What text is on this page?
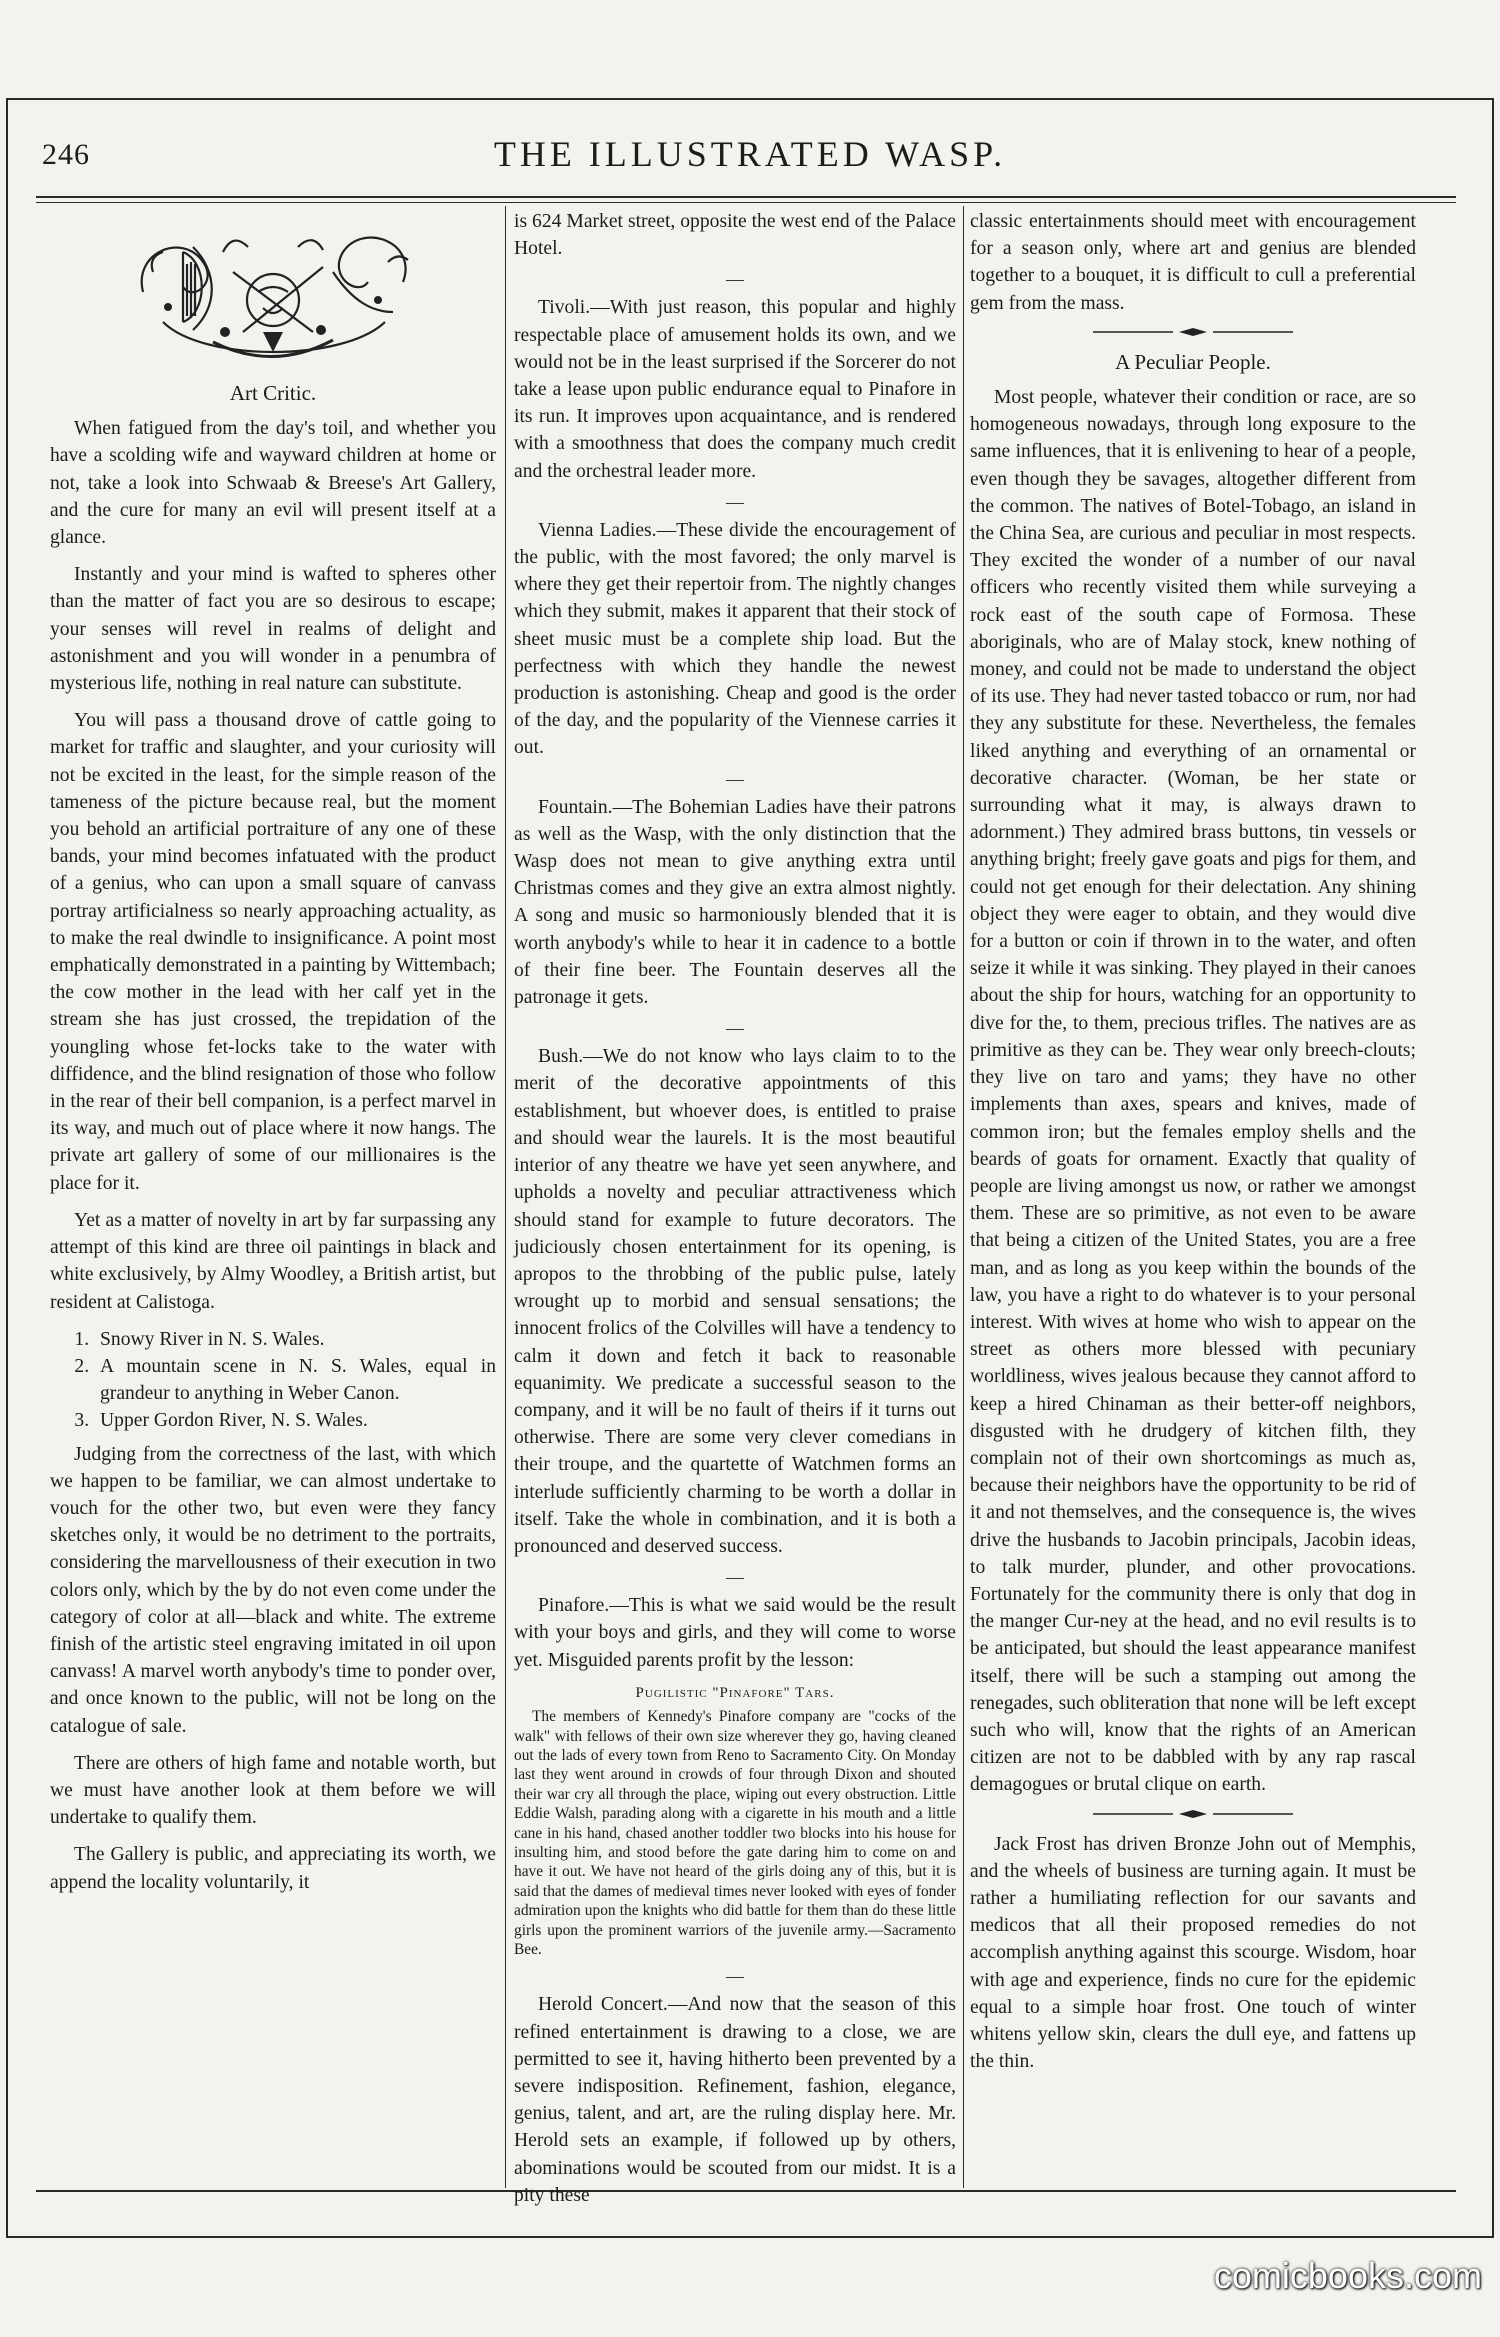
246	THE ILLUSTRATED WASP.
Art Critic.

When fatigued from the day's toil, and whether you have a scolding wife and wayward children at home or not, take a look into Schwaab & Breese's Art Gallery, and the cure for many an evil will present itself at a glance.

Instantly and your mind is wafted to spheres other than the matter of fact you are so desirous to escape; your senses will revel in realms of delight and astonishment and you will wonder in a penumbra of mysterious life, nothing in real nature can substitute.

You will pass a thousand drove of cattle going to market for traffic and slaughter, and your curiosity will not be excited in the least, for the simple reason of the tameness of the picture because real, but the moment you behold an artificial portraiture of any one of these bands, your mind becomes infatuated with the product of a genius, who can upon a small square of canvass portray artificialness so nearly approaching actuality, as to make the real dwindle to insignificance. A point most emphatically demonstrated in a painting by Wittembach; the cow mother in the lead with her calf yet in the stream she has just crossed, the trepidation of the youngling whose fet-locks take to the water with diffidence, and the blind resignation of those who follow in the rear of their bell companion, is a perfect marvel in its way, and much out of place where it now hangs. The private art gallery of some of our millionaires is the place for it.

Yet as a matter of novelty in art by far surpassing any attempt of this kind are three oil paintings in black and white exclusively, by Almy Woodley, a British artist, but resident at Calistoga.

1. Snowy River in N. S. Wales.
2. A mountain scene in N. S. Wales, equal in grandeur to anything in Weber Canon.
3. Upper Gordon River, N. S. Wales.

Judging from the correctness of the last, with which we happen to be familiar, we can almost undertake to vouch for the other two, but even were they fancy sketches only, it would be no detriment to the portraits, considering the marvellousness of their execution in two colors only, which by the by do not even come under the category of color at all—black and white. The extreme finish of the artistic steel engraving imitated in oil upon canvass! A marvel worth anybody's time to ponder over, and once known to the public, will not be long on the catalogue of sale.

There are others of high fame and notable worth, but we must have another look at them before we will undertake to qualify them.

The Gallery is public, and appreciating its worth, we append the locality voluntarily, it

is 624 Market street, opposite the west end of the Palace Hotel.

—

Tivoli.—With just reason, this popular and highly respectable place of amusement holds its own, and we would not be in the least surprised if the Sorcerer do not take a lease upon public endurance equal to Pinafore in its run. It improves upon acquaintance, and is rendered with a smoothness that does the company much credit and the orchestral leader more.

—

Vienna Ladies.—These divide the encouragement of the public, with the most favored; the only marvel is where they get their repertoir from. The nightly changes which they submit, makes it apparent that their stock of sheet music must be a complete ship load. But the perfectness with which they handle the newest production is astonishing. Cheap and good is the order of the day, and the popularity of the Viennese carries it out.

—

Fountain.—The Bohemian Ladies have their patrons as well as the Wasp, with the only distinction that the Wasp does not mean to give anything extra until Christmas comes and they give an extra almost nightly. A song and music so harmoniously blended that it is worth anybody's while to hear it in cadence to a bottle of their fine beer. The Fountain deserves all the patronage it gets.

—

Bush.—We do not know who lays claim to to the merit of the decorative appointments of this establishment, but whoever does, is entitled to praise and should wear the laurels. It is the most beautiful interior of any theatre we have yet seen anywhere, and upholds a novelty and peculiar attractiveness which should stand for example to future decorators. The judiciously chosen entertainment for its opening, is apropos to the throbbing of the public pulse, lately wrought up to morbid and sensual sensations; the innocent frolics of the Colvilles will have a tendency to calm it down and fetch it back to reasonable equanimity. We predicate a successful season to the company, and it will be no fault of theirs if it turns out otherwise. There are some very clever comedians in their troupe, and the quartette of Watchmen forms an interlude sufficiently charming to be worth a dollar in itself. Take the whole in combination, and it is both a pronounced and deserved success.

—

Pinafore.—This is what we said would be the result with your boys and girls, and they will come to worse yet. Misguided parents profit by the lesson:

Pugilistic "Pinafore" Tars.

The members of Kennedy's Pinafore company are "cocks of the walk" with fellows of their own size wherever they go, having cleaned out the lads of every town from Reno to Sacramento City. On Monday last they went around in crowds of four through Dixon and shouted their war cry all through the place, wiping out every obstruction. Little Eddie Walsh, parading along with a cigarette in his mouth and a little cane in his hand, chased another toddler two blocks into his house for insulting him, and stood before the gate daring him to come on and have it out. We have not heard of the girls doing any of this, but it is said that the dames of medieval times never looked with eyes of fonder admiration upon the knights who did battle for them than do these little girls upon the prominent warriors of the juvenile army.—Sacramento Bee.

—

Herold Concert.—And now that the season of this refined entertainment is drawing to a close, we are permitted to see it, having hitherto been prevented by a severe indisposition. Refinement, fashion, elegance, genius, talent, and art, are the ruling display here. Mr. Herold sets an example, if followed up by others, abominations would be scouted from our midst. It is a pity these

classic entertainments should meet with encouragement for a season only, where art and genius are blended together to a bouquet, it is difficult to cull a preferential gem from the mass.

A Peculiar People.

Most people, whatever their condition or race, are so homogeneous nowadays, through long exposure to the same influences, that it is enlivening to hear of a people, even though they be savages, altogether different from the common. The natives of Botel-Tobago, an island in the China Sea, are curious and peculiar in most respects. They excited the wonder of a number of our naval officers who recently visited them while surveying a rock east of the south cape of Formosa. These aboriginals, who are of Malay stock, knew nothing of money, and could not be made to understand the object of its use. They had never tasted tobacco or rum, nor had they any substitute for these. Nevertheless, the females liked anything and everything of an ornamental or decorative character. (Woman, be her state or surrounding what it may, is always drawn to adornment.) They admired brass buttons, tin vessels or anything bright; freely gave goats and pigs for them, and could not get enough for their delectation. Any shining object they were eager to obtain, and they would dive for a button or coin if thrown in to the water, and often seize it while it was sinking. They played in their canoes about the ship for hours, watching for an opportunity to dive for the, to them, precious trifles. The natives are as primitive as they can be. They wear only breech-clouts; they live on taro and yams; they have no other implements than axes, spears and knives, made of common iron; but the females employ shells and the beards of goats for ornament. Exactly that quality of people are living amongst us now, or rather we amongst them. These are so primitive, as not even to be aware that being a citizen of the United States, you are a free man, and as long as you keep within the bounds of the law, you have a right to do whatever is to your personal interest. With wives at home who wish to appear on the street as others more blessed with pecuniary worldliness, wives jealous because they cannot afford to keep a hired Chinaman as their better-off neighbors, disgusted with he drudgery of kitchen filth, they complain not of their own shortcomings as much as, because their neighbors have the opportunity to be rid of it and not themselves, and the consequence is, the wives drive the husbands to Jacobin principals, Jacobin ideas, to talk murder, plunder, and other provocations. Fortunately for the community there is only that dog in the manger Cur-ney at the head, and no evil results is to be anticipated, but should the least appearance manifest itself, there will be such a stamping out among the renegades, such obliteration that none will be left except such who will, know that the rights of an American citizen are not to be dabbled with by any rap rascal demagogues or brutal clique on earth.

Jack Frost has driven Bronze John out of Memphis, and the wheels of business are turning again. It must be rather a humiliating reflection for our savants and medicos that all their proposed remedies do not accomplish anything against this scourge. Wisdom, hoar with age and experience, finds no cure for the epidemic equal to a simple hoar frost. One touch of winter whitens yellow skin, clears the dull eye, and fattens up the thin.

comicbooks.com
